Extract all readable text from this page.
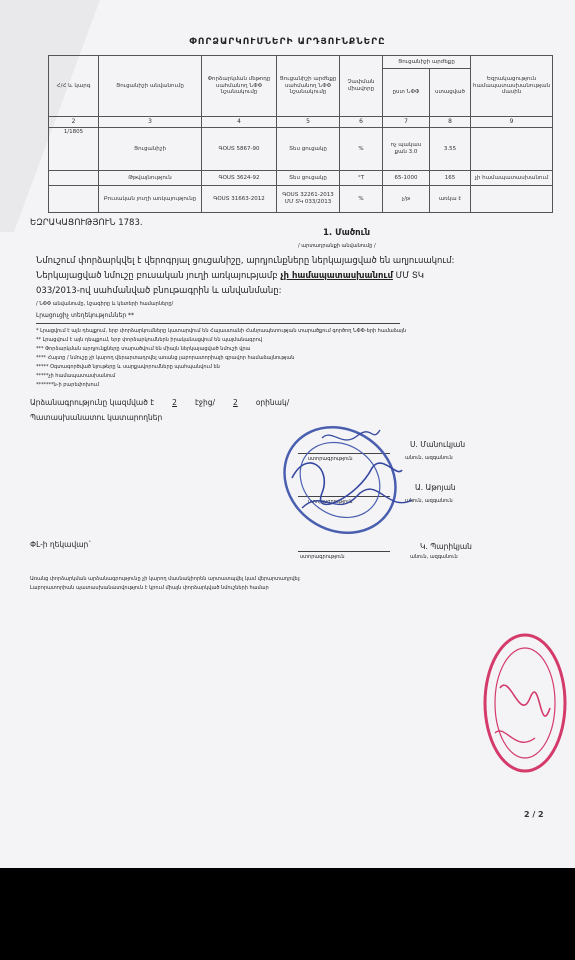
ՓՈՐՁԱՐԿՈՒՄՆԵՐԻ ԱՐԴՅՈՒՆՔՆԵՐԸ
Հ/Հ և կարգ	Ցուցանիշի անվանումը	Փորձարկման մեթոդը սահմանող ՆՓՓ նշանակումը	Ցուցանիշի արժեքը սահմանող ՆՓՓ նշանակումը	Չափման միավորը	Ցուցանիշի արժեքը		Եզրակացություն համապատասխանության մասին
					ըստ ՆՓՓ	ստացված	
2	3	4	5	6	7	8	9
1/1805	Ցուցանիշի	ԳՕՍՏ 5867-90	Տես ցուցակը	%	ոչ պակաս քան 3.0	3.55	
	Թթվայնություն	ԳՕՍՏ 3624-92	Տես ցուցակը	°T	65-1000	165	չի համապատասխանում
	Բուսական յուղի առկայությունը	ԳՕՍՏ 31663-2012	ԳՕՍՏ 32261-2013 ՄՄ ՏԿ 033/2013	%	չ/թ	առկա է	
ԵԶՐԱԿԱՑՈՒԹՅՈՒՆ 1783.
1. Մածուն
/ արտադրանքի անվանումը /
Նմուշում փորձարկվել է վերոգրյալ ցուցանիշը, արդյունքները ներկայացված են աղյուսակում:
Ներկայացված նմուշը բուսական յուղի առկայությամբ չի համապատասխանում ՄՄ ՏԿ
033/2013-ով սահմանված բնութագրին և անվանմանը:
/ ՆՓՓ անվանումը, նշագիրը և կետերի համարները/
Լրացուցիչ տեղեկություններ **
* Լրացվում է այն դեպքում, երբ փորձարկումները կատարվում են Հայաստանի Հանրապետության տարածքում գործող ՆՓՓ-երի համաձայն
** Լրացվում է այն դեպքում, երբ փորձարկումներն իրականացվում են պայմանագրով
*** Փորձարկման արդյունքները տարածվում են միայն ներկայացված նմուշի վրա
**** Հայտը / նմուշը չի կարող վերարտադրվել առանց լաբորատորիայի գրավոր համաձայնության
***** Օգտագործված նյութերը և սարքավորումները պահպանվում են
*****չի համապատասխանում
*******ն-ի բարեփոխում
Արձանագրությունը կազմված է 2 էջից/ 2 օրինակ/
Պատասխանատու կատարողներ
Ս. Մանուկյան
ստորագրություն	անուն, ազգանուն
Ա. Աթոյան
ստորագրություն	անուն, ազգանուն
ՓԼ-ի ղեկավար`	Կ. Պարիկյան
ստորագրություն	անուն, ազգանուն
Առանց փորձարկման արձանագրությունը չի կարող մասնակիորեն արտատպվել կամ վերարտադրվել:
Լաբորատորիան պատասխանատվություն է կրում միայն փորձարկված նմուշների համար
2 / 2
